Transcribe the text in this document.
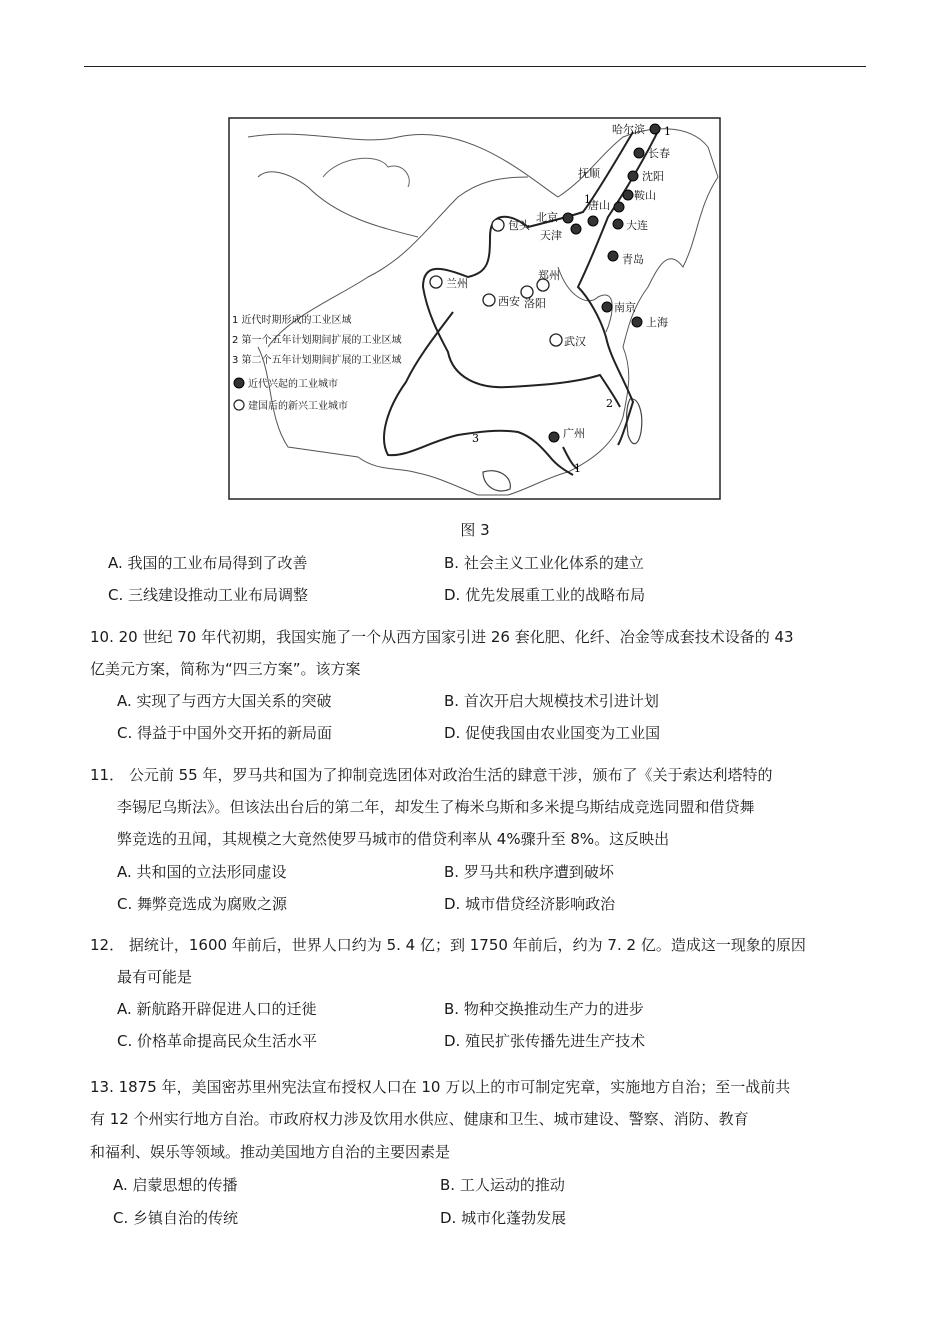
1
1
2
3
1
哈尔滨
长春
沈阳
鞍山
抚顺
北京
天津
大连
唐山
青岛
包头
兰州
西安 洛阳
郑州
南京
上海
武汉
广州
1 近代时期形成的工业区域
2 第一个五年计划期间扩展的工业区域
3 第二个五年计划期间扩展的工业区域
近代兴起的工业城市
建国后的新兴工业城市
图 3
A. 我国的工业布局得到了改善	B. 社会主义工业化体系的建立
C. 三线建设推动工业布局调整	D. 优先发展重工业的战略布局
10. 20 世纪 70 年代初期，我国实施了一个从西方国家引进 26 套化肥、化纤、冶金等成套技术设备的 43
亿美元方案，简称为“四三方案”。该方案
A. 实现了与西方大国关系的突破	B. 首次开启大规模技术引进计划
C. 得益于中国外交开拓的新局面	D. 促使我国由农业国变为工业国
11． 公元前 55 年，罗马共和国为了抑制竞选团体对政治生活的肆意干涉，颁布了《关于索达利塔特的
李锡尼乌斯法》。但该法出台后的第二年，却发生了梅米乌斯和多米提乌斯结成竞选同盟和借贷舞
弊竞选的丑闻，其规模之大竟然使罗马城市的借贷利率从 4%骤升至 8%。这反映出
A. 共和国的立法形同虚设	B. 罗马共和秩序遭到破坏
C. 舞弊竞选成为腐败之源	D. 城市借贷经济影响政治
12． 据统计，1600 年前后，世界人口约为 5. 4 亿；到 1750 年前后，约为 7. 2 亿。造成这一现象的原因
最有可能是
A. 新航路开辟促进人口的迁徙	B. 物种交换推动生产力的进步
C. 价格革命提高民众生活水平	D. 殖民扩张传播先进生产技术
13. 1875 年，美国密苏里州宪法宣布授权人口在 10 万以上的市可制定宪章，实施地方自治；至一战前共
有 12 个州实行地方自治。市政府权力涉及饮用水供应、健康和卫生、城市建设、警察、消防、教育
和福利、娱乐等领域。推动美国地方自治的主要因素是
A. 启蒙思想的传播	B. 工人运动的推动
C. 乡镇自治的传统	D. 城市化蓬勃发展
